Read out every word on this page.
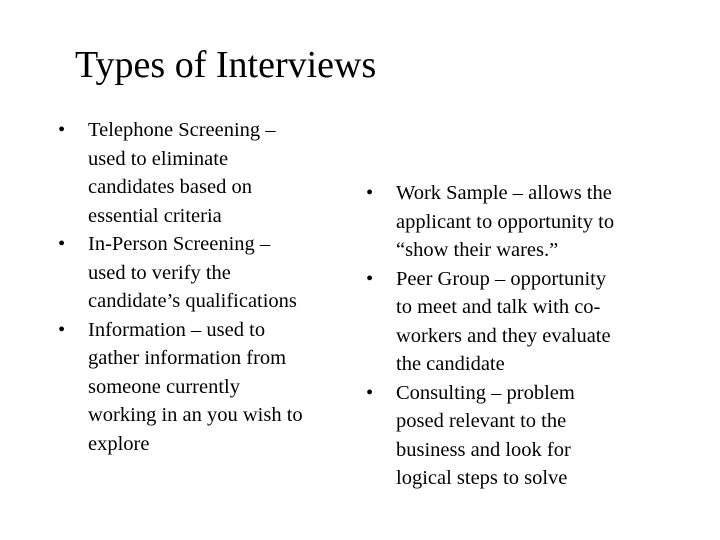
Types of Interviews
•	Telephone Screening –
used to eliminate
candidates based on
essential criteria
•	In-Person Screening –
used to verify the
candidate’s qualifications
•	Information – used to
gather information from
someone currently
working in an you wish to
explore
•	Work Sample – allows the
applicant to opportunity to
“show their wares.”
•	Peer Group – opportunity
to meet and talk with co-
workers and they evaluate
the candidate
•	Consulting – problem
posed relevant to the
business and look for
logical steps to solve
